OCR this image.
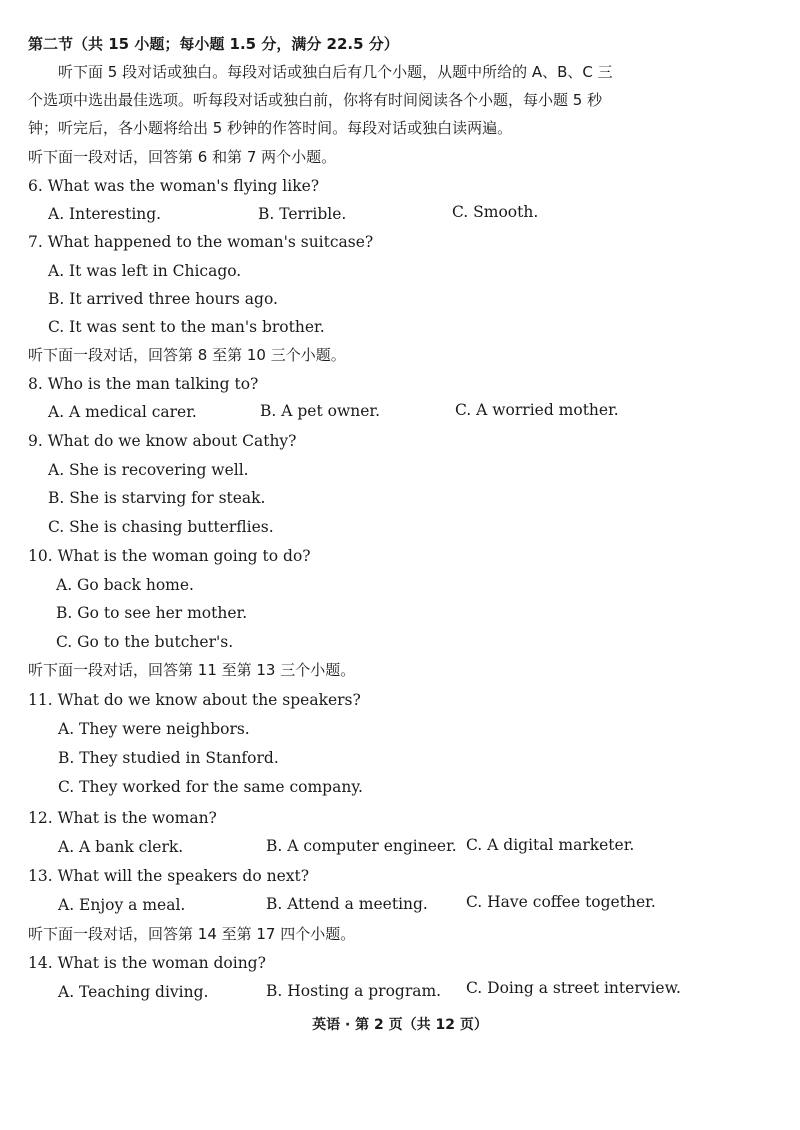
第二节（共 15 小题；每小题 1.5 分，满分 22.5 分）
听下面 5 段对话或独白。每段对话或独白后有几个小题，从题中所给的 A、B、C 三
个选项中选出最佳选项。听每段对话或独白前，你将有时间阅读各个小题，每小题 5 秒
钟；听完后，各小题将给出 5 秒钟的作答时间。每段对话或独白读两遍。
听下面一段对话，回答第 6 和第 7 两个小题。
6. What was the woman's flying like?
A. Interesting.	B. Terrible.	C. Smooth.
7. What happened to the woman's suitcase?
A. It was left in Chicago.
B. It arrived three hours ago.
C. It was sent to the man's brother.
听下面一段对话，回答第 8 至第 10 三个小题。
8. Who is the man talking to?
A. A medical carer.	B. A pet owner.	C. A worried mother.
9. What do we know about Cathy?
A. She is recovering well.
B. She is starving for steak.
C. She is chasing butterflies.
10. What is the woman going to do?
A. Go back home.
B. Go to see her mother.
C. Go to the butcher's.
听下面一段对话，回答第 11 至第 13 三个小题。
11. What do we know about the speakers?
A. They were neighbors.
B. They studied in Stanford.
C. They worked for the same company.
12. What is the woman?
A. A bank clerk.	B. A computer engineer. C. A digital marketer.
13. What will the speakers do next?
A. Enjoy a meal.	B. Attend a meeting. C. Have coffee together.
听下面一段对话，回答第 14 至第 17 四个小题。
14. What is the woman doing?
A. Teaching diving.	B. Hosting a program. C. Doing a street interview.
英语 · 第 2 页（共 12 页）
